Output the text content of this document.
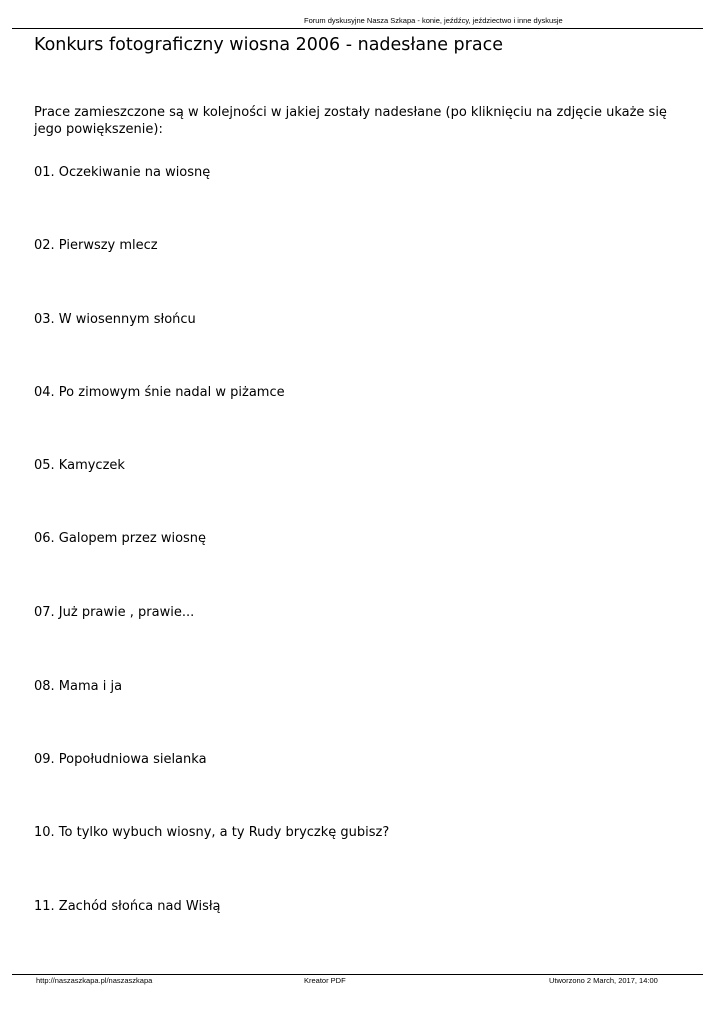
Forum dyskusyjne Nasza Szkapa - konie, jeźdźcy, jeździectwo i inne dyskusje
Konkurs fotograficzny wiosna 2006 - nadesłane prace

Prace zamieszczone są w kolejności w jakiej zostały nadesłane (po kliknięciu na zdjęcie ukaże się jego powiększenie):

01. Oczekiwanie na wiosnę

02. Pierwszy mlecz

03. W wiosennym słońcu

04. Po zimowym śnie nadal w piżamce

05. Kamyczek

06. Galopem przez wiosnę

07. Już prawie , prawie...

08. Mama i ja

09. Popołudniowa sielanka

10. To tylko wybuch wiosny, a ty Rudy bryczkę gubisz?

11. Zachód słońca nad Wisłą

http://naszaszkapa.pl/naszaszkapa	Kreator PDF	Utworzono 2 March, 2017, 14:00
